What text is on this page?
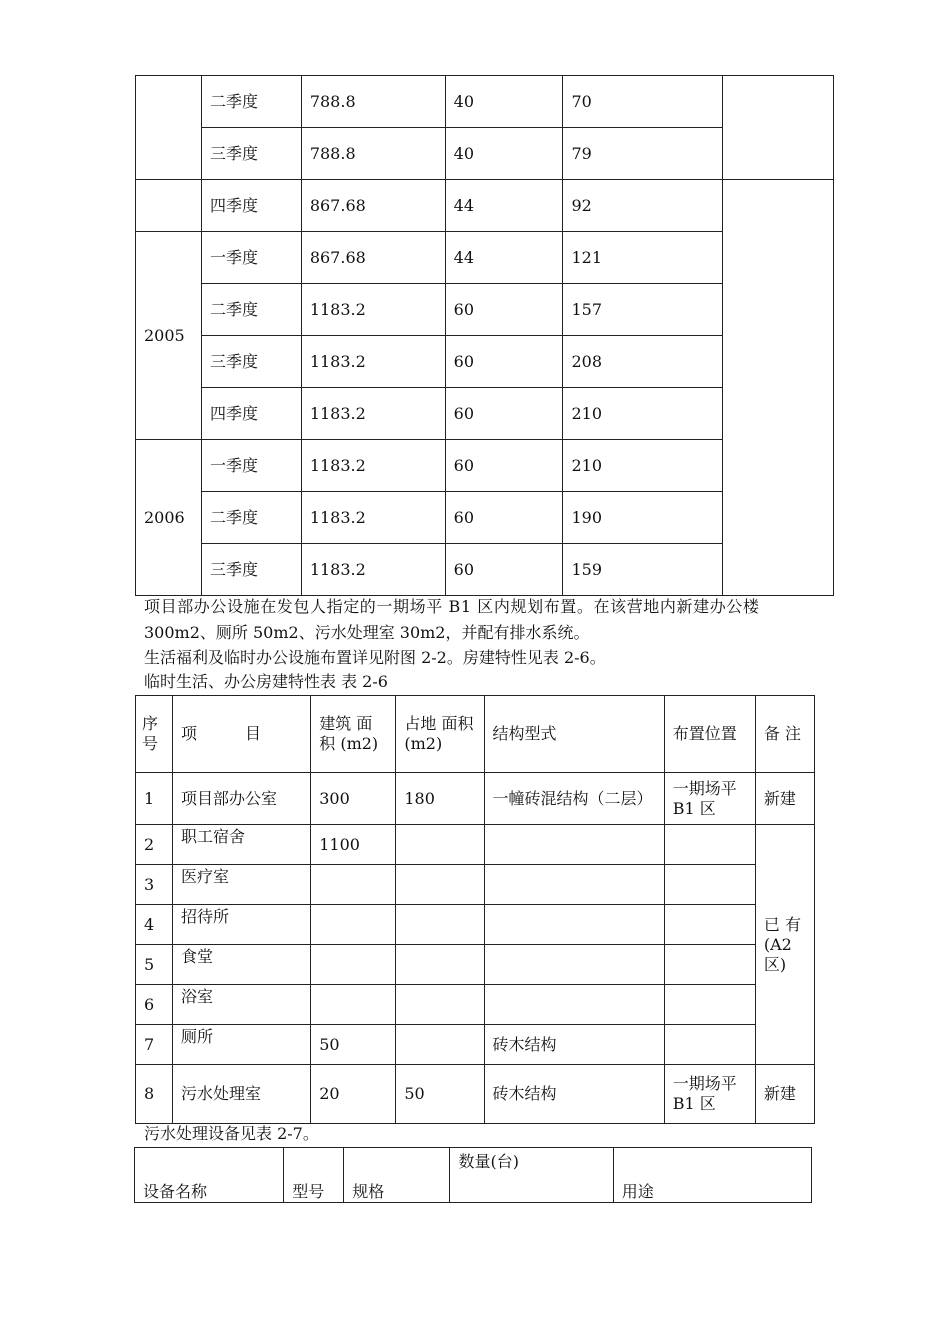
	二季度	788.8	40	70	
	三季度	788.8	40	79	
	四季度	867.68	44	92	
2005	一季度	867.68	44	121	
	二季度	1183.2	60	157	
	三季度	1183.2	60	208	
	四季度	1183.2	60	210	
2006	一季度	1183.2	60	210	
	二季度	1183.2	60	190	
	三季度	1183.2	60	159	

项目部办公设施在发包人指定的一期场平 B1 区内规划布置。在该营地内新建办公楼

300m2、厕所 50m2、污水处理室 30m2，并配有排水系统。

生活福利及临时办公设施布置详见附图 2-2。房建特性见表 2-6。

临时生活、办公房建特性表 表 2-6

序号	项　　　目	建筑 面积 (m2)	占地 面积 (m2)	结构型式	布置位置	备 注
1	项目部办公室	300	180	一幢砖混结构（二层）	一期场平 B1 区	新建
2	职工宿舍	1100				已 有 (A2 区)
3	医疗室					
4	招待所					
5	食堂					
6	浴室					
7	厕所	50		砖木结构		
8	污水处理室	20	50	砖木结构	一期场平 B1 区	新建

污水处理设备见表 2-7。

设备名称	型号	规格	数量(台)	用途
